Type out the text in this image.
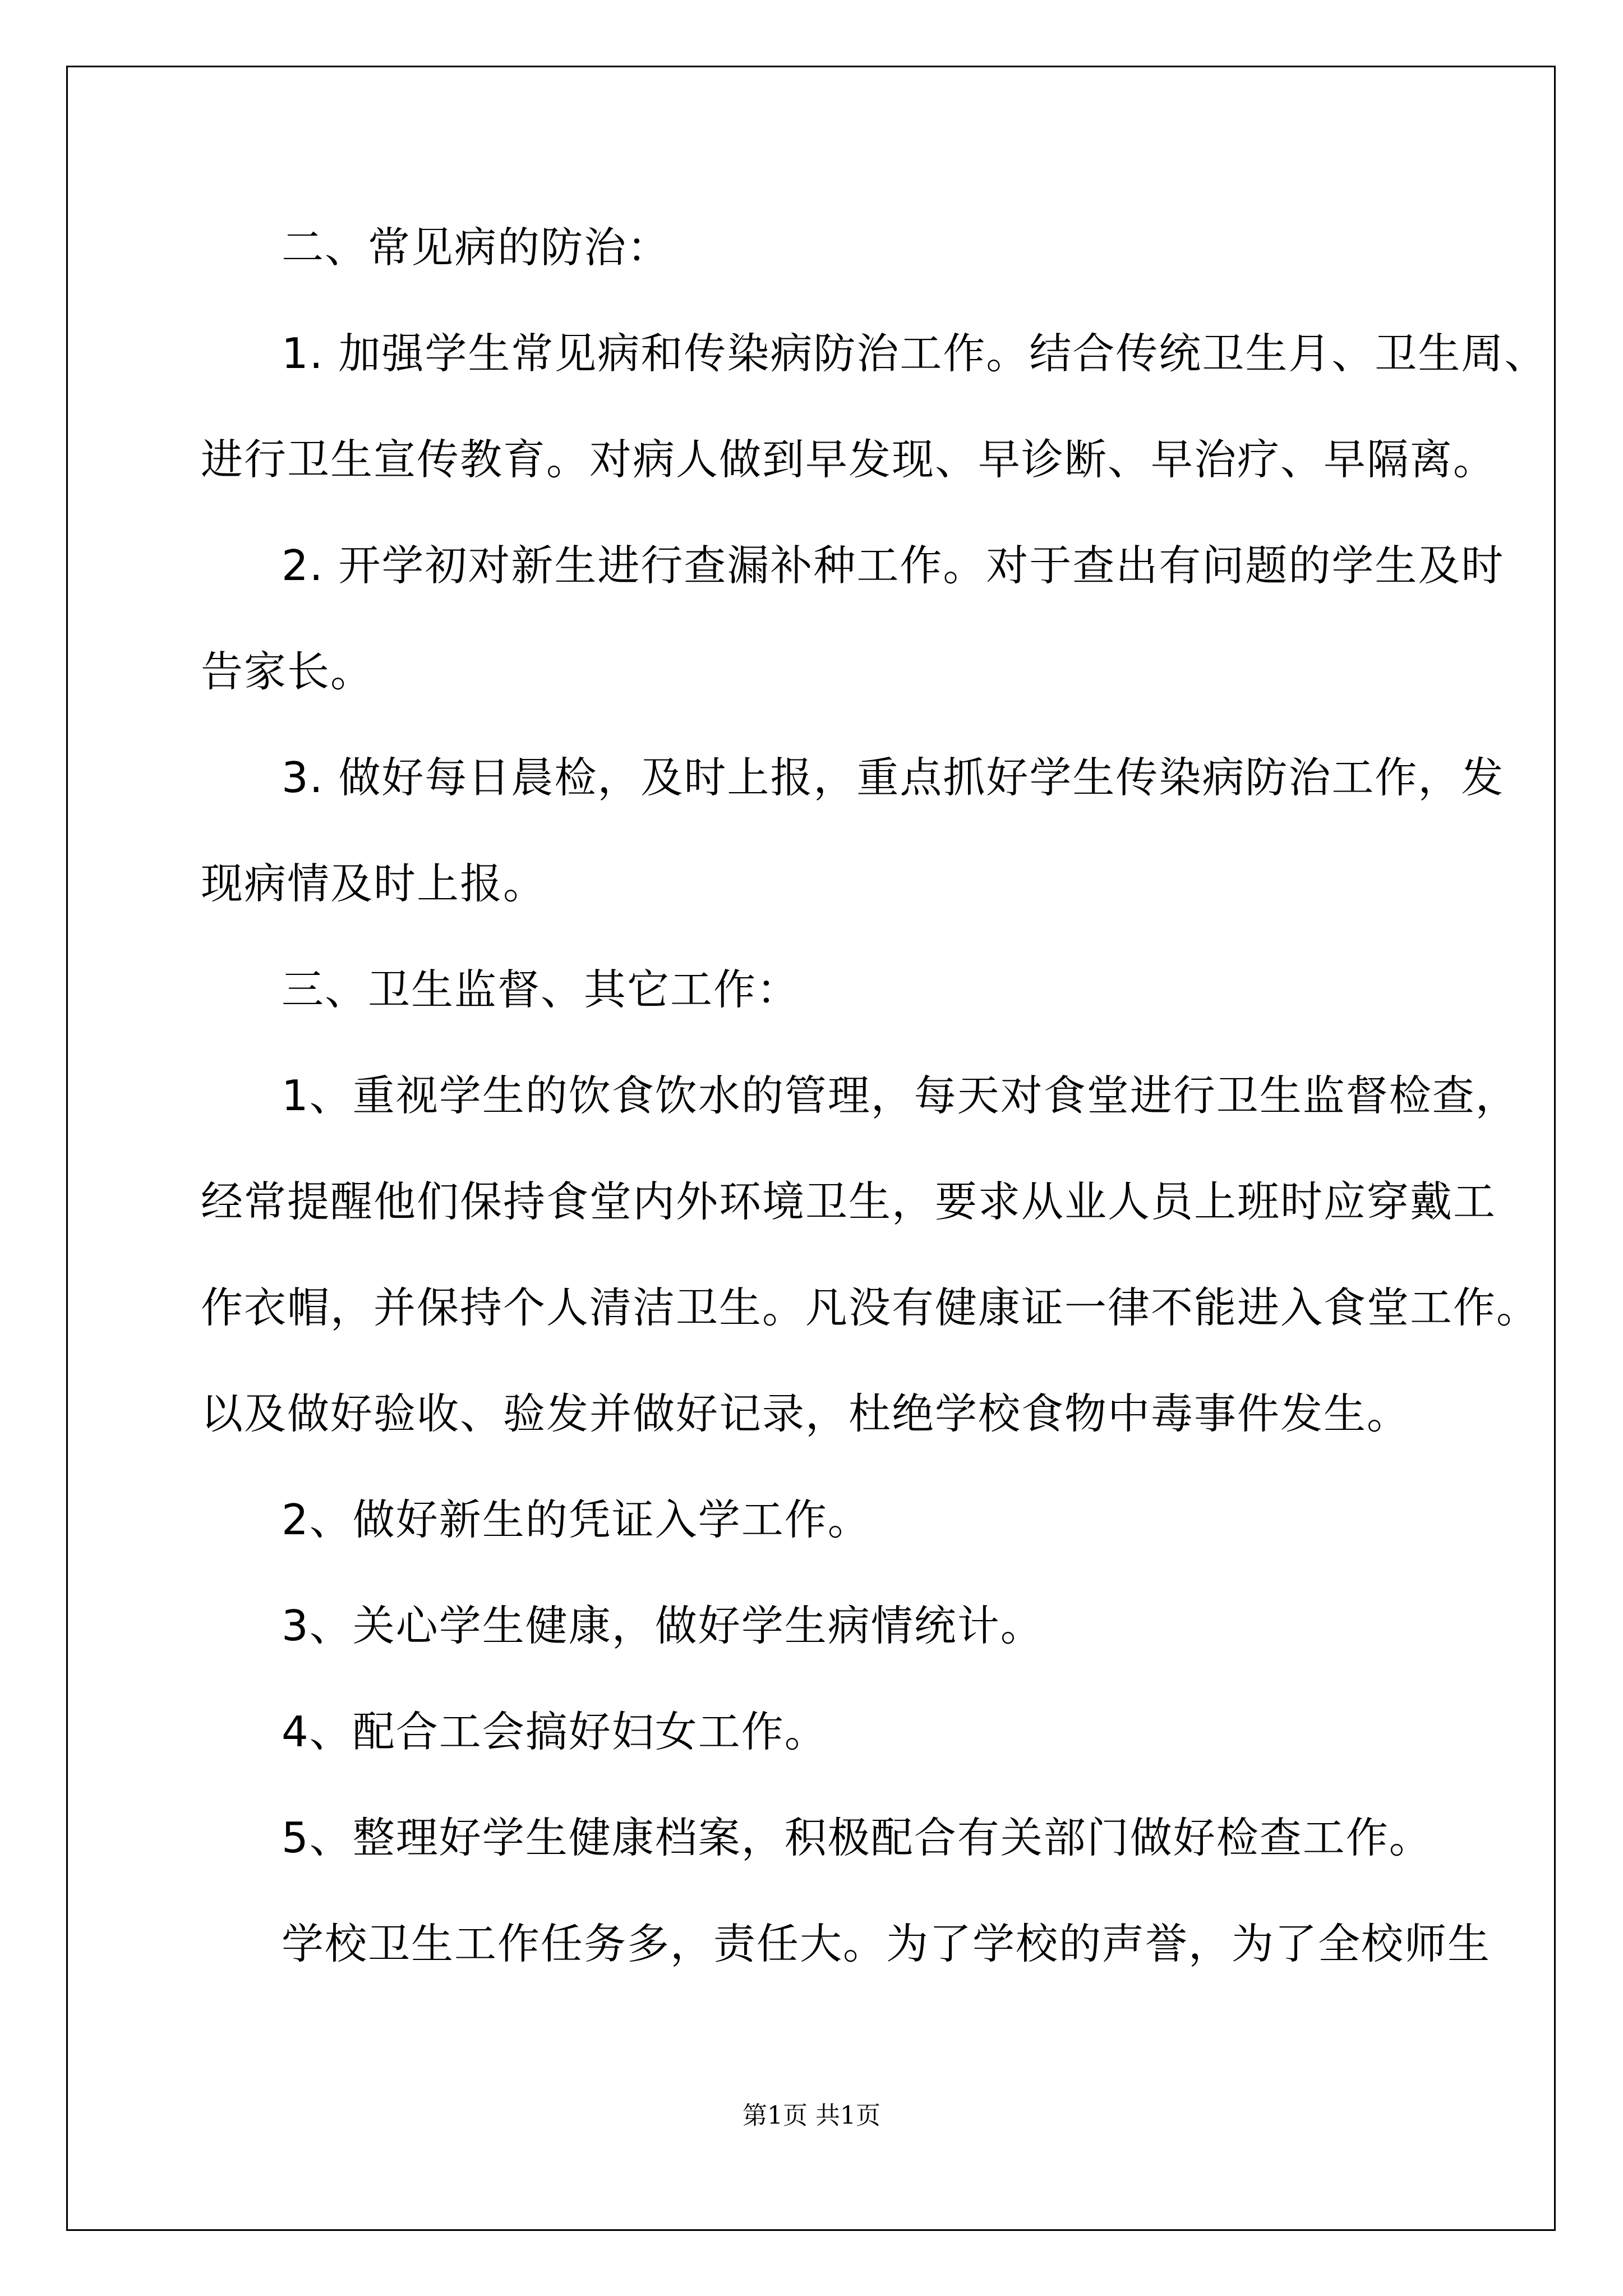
二、常见病的防治：
1. 加强学生常见病和传染病防治工作。结合传统卫生月、卫生周、
进行卫生宣传教育。对病人做到早发现、早诊断、早治疗、早隔离。
2. 开学初对新生进行查漏补种工作。对于查出有问题的学生及时
告家长。
3. 做好每日晨检，及时上报，重点抓好学生传染病防治工作，发
现病情及时上报。
三、卫生监督、其它工作：
1、重视学生的饮食饮水的管理，每天对食堂进行卫生监督检查，
经常提醒他们保持食堂内外环境卫生，要求从业人员上班时应穿戴工
作衣帽，并保持个人清洁卫生。凡没有健康证一律不能进入食堂工作。
以及做好验收、验发并做好记录，杜绝学校食物中毒事件发生。
2、做好新生的凭证入学工作。
3、关心学生健康，做好学生病情统计。
4、配合工会搞好妇女工作。
5、整理好学生健康档案，积极配合有关部门做好检查工作。
学校卫生工作任务多，责任大。为了学校的声誉，为了全校师生
第1页 共1页
